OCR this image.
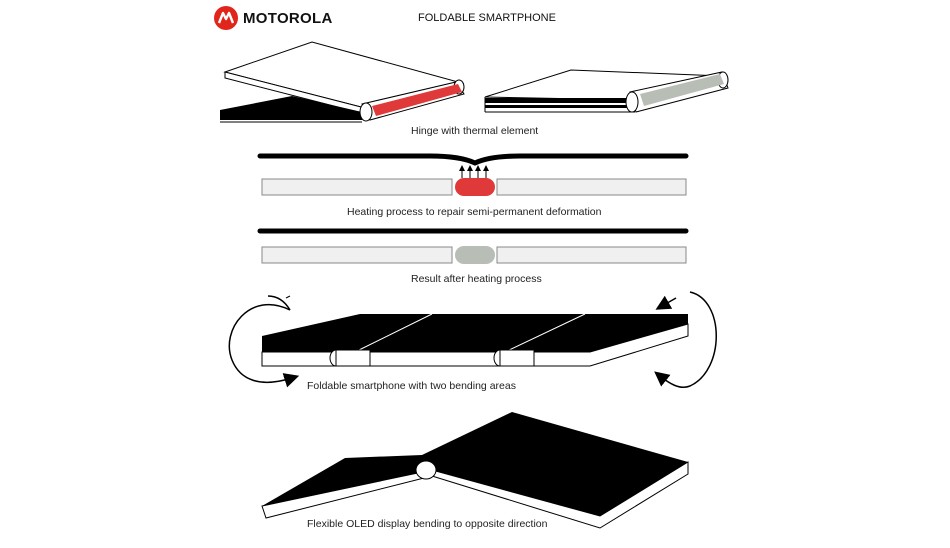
MOTOROLA	FOLDABLE SMARTPHONE
Hinge with thermal element
Heating process to repair semi-permanent deformation
Result after heating process
Foldable smartphone with two bending areas
Flexible OLED display bending to opposite direction
